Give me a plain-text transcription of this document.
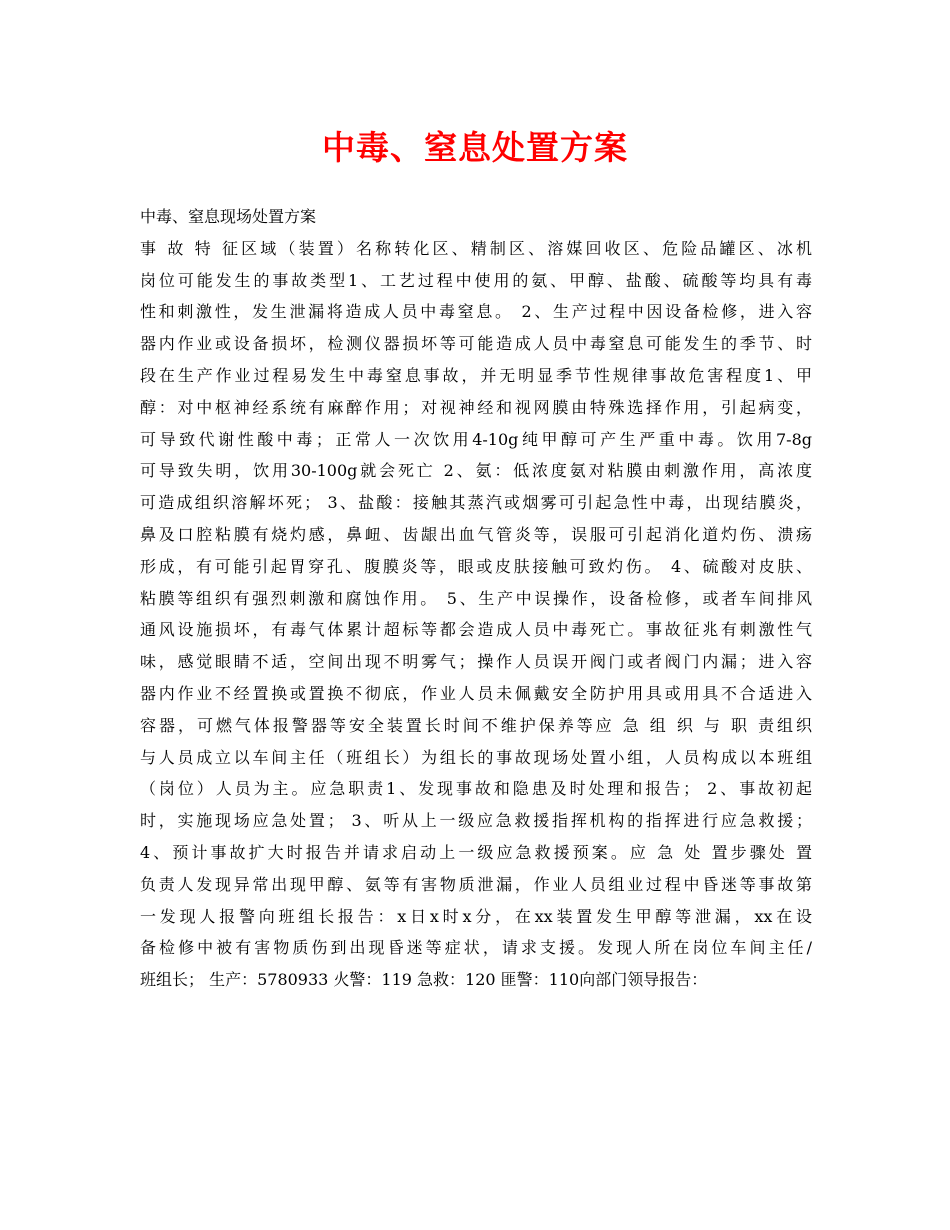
中毒、窒息处置方案
中毒、窒息现场处置方案
事 故 特 征区域（装置）名称转化区、精制区、溶媒回收区、危险品罐区、冰机
岗位可能发生的事故类型1、工艺过程中使用的氨、甲醇、盐酸、硫酸等均具有毒
性和刺激性，发生泄漏将造成人员中毒窒息。 2、生产过程中因设备检修，进入容
器内作业或设备损坏，检测仪器损坏等可能造成人员中毒窒息可能发生的季节、时
段在生产作业过程易发生中毒窒息事故，并无明显季节性规律事故危害程度1、甲
醇：对中枢神经系统有麻醉作用；对视神经和视网膜由特殊选择作用，引起病变，
可导致代谢性酸中毒；正常人一次饮用4-10g纯甲醇可产生严重中毒。饮用7-8g
可导致失明，饮用30-100g就会死亡 2、氨：低浓度氨对粘膜由刺激作用，高浓度
可造成组织溶解坏死； 3、盐酸：接触其蒸汽或烟雾可引起急性中毒，出现结膜炎，
鼻及口腔粘膜有烧灼感，鼻衄、齿龈出血气管炎等，误服可引起消化道灼伤、溃疡
形成，有可能引起胃穿孔、腹膜炎等，眼或皮肤接触可致灼伤。 4、硫酸对皮肤、
粘膜等组织有强烈刺激和腐蚀作用。 5、生产中误操作，设备检修，或者车间排风
通风设施损坏，有毒气体累计超标等都会造成人员中毒死亡。事故征兆有刺激性气
味，感觉眼睛不适，空间出现不明雾气；操作人员误开阀门或者阀门内漏；进入容
器内作业不经置换或置换不彻底，作业人员未佩戴安全防护用具或用具不合适进入
容器，可燃气体报警器等安全装置长时间不维护保养等应 急 组 织 与 职 责组织
与人员成立以车间主任（班组长）为组长的事故现场处置小组，人员构成以本班组
（岗位）人员为主。应急职责1、发现事故和隐患及时处理和报告； 2、事故初起
时，实施现场应急处置； 3、听从上一级应急救援指挥机构的指挥进行应急救援；
4、预计事故扩大时报告并请求启动上一级应急救援预案。应 急 处 置步骤处 置
负责人发现异常出现甲醇、氨等有害物质泄漏，作业人员组业过程中昏迷等事故第
一发现人报警向班组长报告：x日x时x分，在xx装置发生甲醇等泄漏，xx在设
备检修中被有害物质伤到出现昏迷等症状，请求支援。发现人所在岗位车间主任/
班组长； 生产：5780933 火警：119 急救：120 匪警：110向部门领导报告：
